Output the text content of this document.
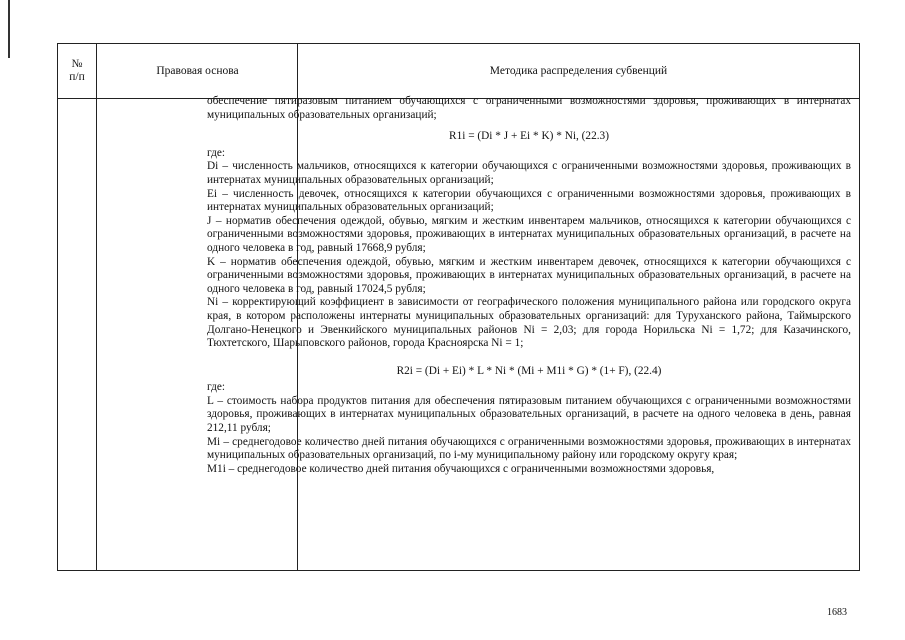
№
п/п
Правовая основа	Методика распределения субвенций

обеспечение пятиразовым питанием обучающихся с ограниченными возможностями здоровья, проживающих в интернатах муниципальных образовательных организаций;

R1i = (Di * J + Ei * K) * Ni, (22.3)

где:

Di – численность мальчиков, относящихся к категории обучающихся с ограниченными возможностями здоровья, проживающих в интернатах муниципальных образовательных организаций;

Ei – численность девочек, относящихся к категории обучающихся с ограниченными возможностями здоровья, проживающих в интернатах муниципальных образовательных организаций;

J – норматив обеспечения одеждой, обувью, мягким и жестким инвентарем мальчиков, относящихся к категории обучающихся с ограниченными возможностями здоровья, проживающих в интернатах муниципальных образовательных организаций, в расчете на одного человека в год, равный 17668,9 рубля;

K – норматив обеспечения одеждой, обувью, мягким и жестким инвентарем девочек, относящихся к категории обучающихся с ограниченными возможностями здоровья, проживающих в интернатах муниципальных образовательных организаций, в расчете на одного человека в год, равный 17024,5 рубля;

Ni – корректирующий коэффициент в зависимости от географического положения муниципального района или городского округа края, в котором расположены интернаты муниципальных образовательных организаций: для Туруханского района, Таймырского Долгано-Ненецкого и Эвенкийского муниципальных районов Ni = 2,03; для города Норильска Ni = 1,72; для Казачинского, Тюхтетского, Шарыповского районов, города Красноярска Ni = 1;

R2i = (Di + Ei) * L * Ni * (Mi + M1i * G) * (1+ F), (22.4)

где:

L – стоимость набора продуктов питания для обеспечения пятиразовым питанием обучающихся с ограниченными возможностями здоровья, проживающих в интернатах муниципальных образовательных организаций, в расчете на одного человека в день, равная 212,11 рубля;

Mi – среднегодовое количество дней питания обучающихся с ограниченными возможностями здоровья, проживающих в интернатах муниципальных образовательных организаций, по i-му муниципальному району или городскому округу края;

M1i – среднегодовое количество дней питания обучающихся с ограниченными возможностями здоровья,

1683
